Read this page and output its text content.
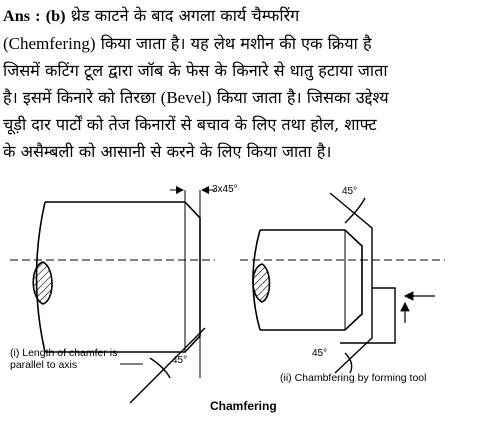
Ans : (b) थ्रेड काटने के बाद अगला कार्य चैम्फरिंग
(Chemfering) किया जाता है। यह लेथ मशीन की एक क्रिया है
जिसमें कटिंग टूल द्वारा जॉब के फेस के किनारे से धातु हटाया जाता
है। इसमें किनारे को तिरछा (Bevel) किया जाता है। जिसका उद्देश्य
चूड़ी दार पार्टों को तेज किनारों से बचाव के लिए तथा होल, शाफ्ट
के असैम्बली को आसानी से करने के लिए किया जाता है।
3x45°
45°
45°
45°
(i) Length of chamfer is
parallel to axis
(ii) Chambfering by forming tool
Chamfering
